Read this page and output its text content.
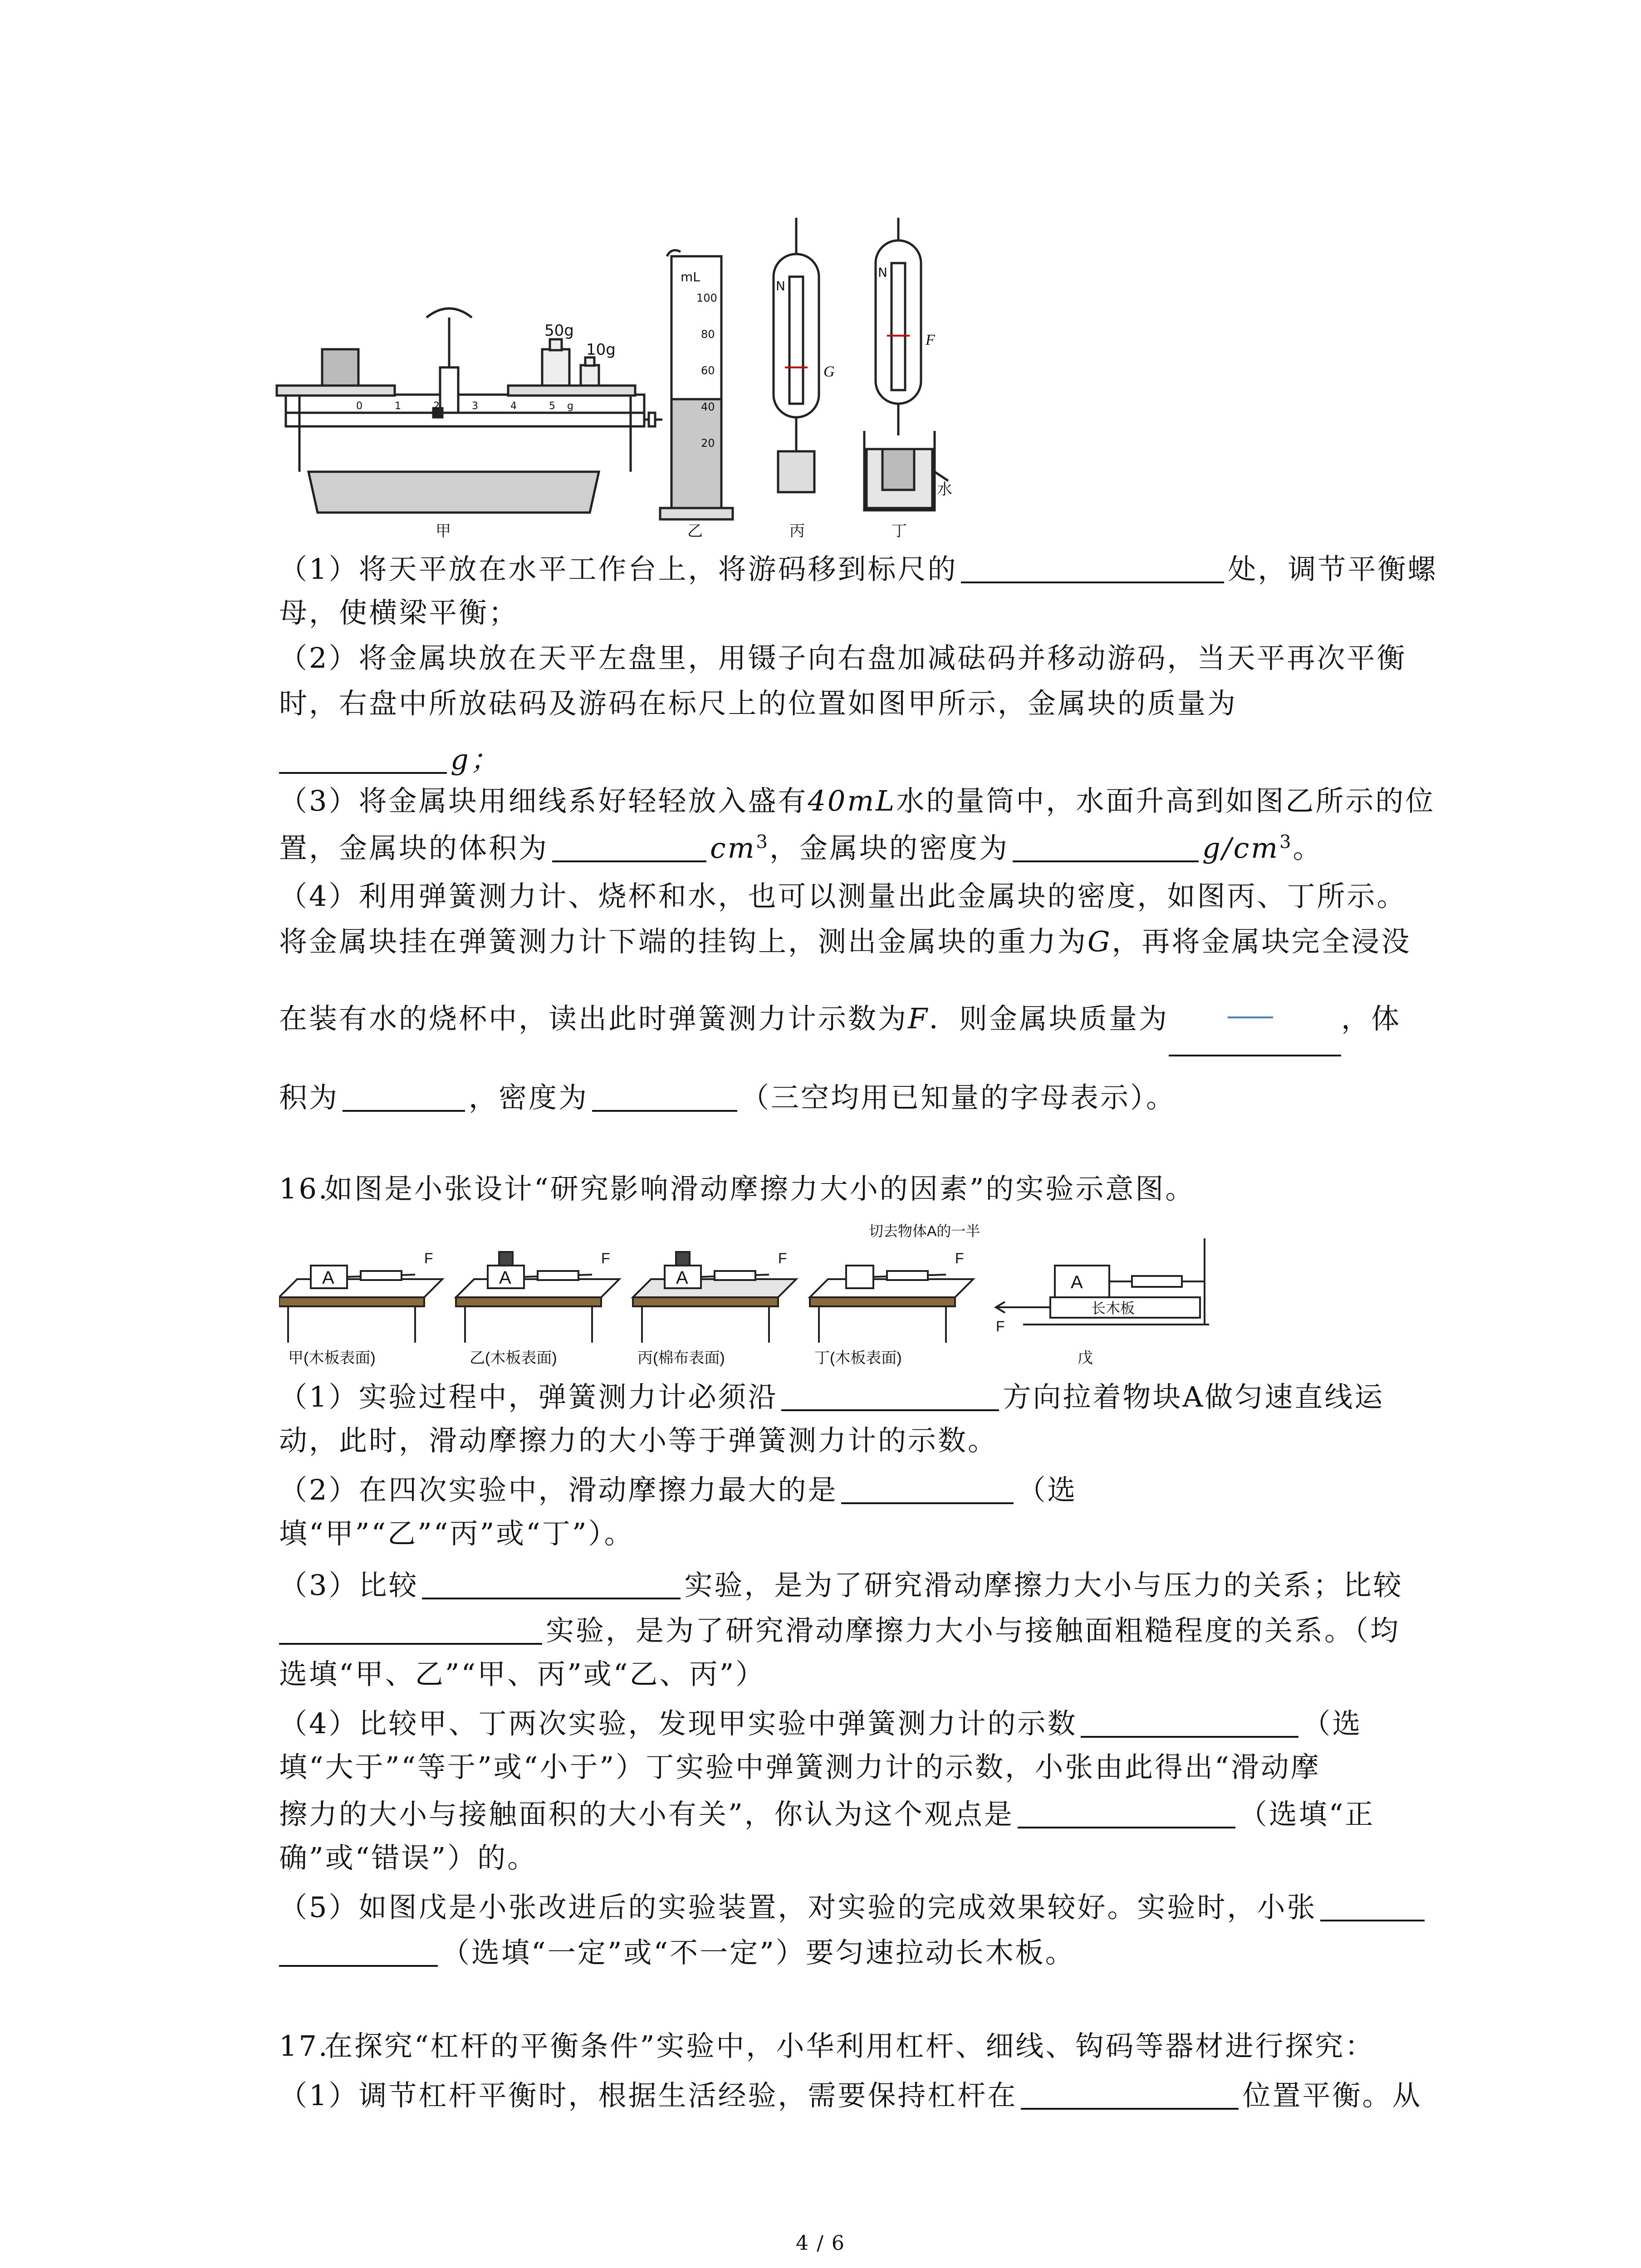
50g
10g
0	1	2	3	4	5 g
mL
100
80
60
40
20
N
N
G
F
水
甲	乙	丙	丁
（1）将天平放在水平工作台上，将游码移到标尺的	处，调节平衡螺
母，使横梁平衡；
（2）将金属块放在天平左盘里，用镊子向右盘加减砝码并移动游码，当天平再次平衡
时，右盘中所放砝码及游码在标尺上的位置如图甲所示，金属块的质量为
g；
（3）将金属块用细线系好轻轻放入盛有40mL水的量筒中，水面升高到如图乙所示的位
置，金属块的体积为	$cm^3$，金属块的密度为	$g/cm^3$。
（4）利用弹簧测力计、烧杯和水，也可以测量出此金属块的密度，如图丙、丁所示。
将金属块挂在弹簧测力计下端的挂钩上，测出金属块的重力为G，再将金属块完全浸没
在装有水的烧杯中，读出此时弹簧测力计示数为F．则金属块质量为	，体
积为	，密度为	（三空均用已知量的字母表示）。
16.如图是小张设计“研究影响滑动摩擦力大小的因素”的实验示意图。
A	A	A	A
F	F	F	F
F
切去物体A的一半
长木板
甲(木板表面)	乙(木板表面)	丙(棉布表面)	丁(木板表面)	戊
（1）实验过程中，弹簧测力计必须沿	方向拉着物块A做匀速直线运
动，此时，滑动摩擦力的大小等于弹簧测力计的示数。
（2）在四次实验中，滑动摩擦力最大的是	（选
填“甲”“乙”“丙”或“丁”）。
（3）比较	实验，是为了研究滑动摩擦力大小与压力的关系；比较
实验，是为了研究滑动摩擦力大小与接触面粗糙程度的关系。（均
选填“甲、乙”“甲、丙”或“乙、丙”）
（4）比较甲、丁两次实验，发现甲实验中弹簧测力计的示数	（选
填“大于”“等于”或“小于”）丁实验中弹簧测力计的示数，小张由此得出“滑动摩
擦力的大小与接触面积的大小有关”，你认为这个观点是	（选填“正
确”或“错误”）的。
（5）如图戊是小张改进后的实验装置，对实验的完成效果较好。实验时，小张
（选填“一定”或“不一定”）要匀速拉动长木板。
17.在探究“杠杆的平衡条件”实验中，小华利用杠杆、细线、钩码等器材进行探究：
（1）调节杠杆平衡时，根据生活经验，需要保持杠杆在	位置平衡。从
4 / 6
